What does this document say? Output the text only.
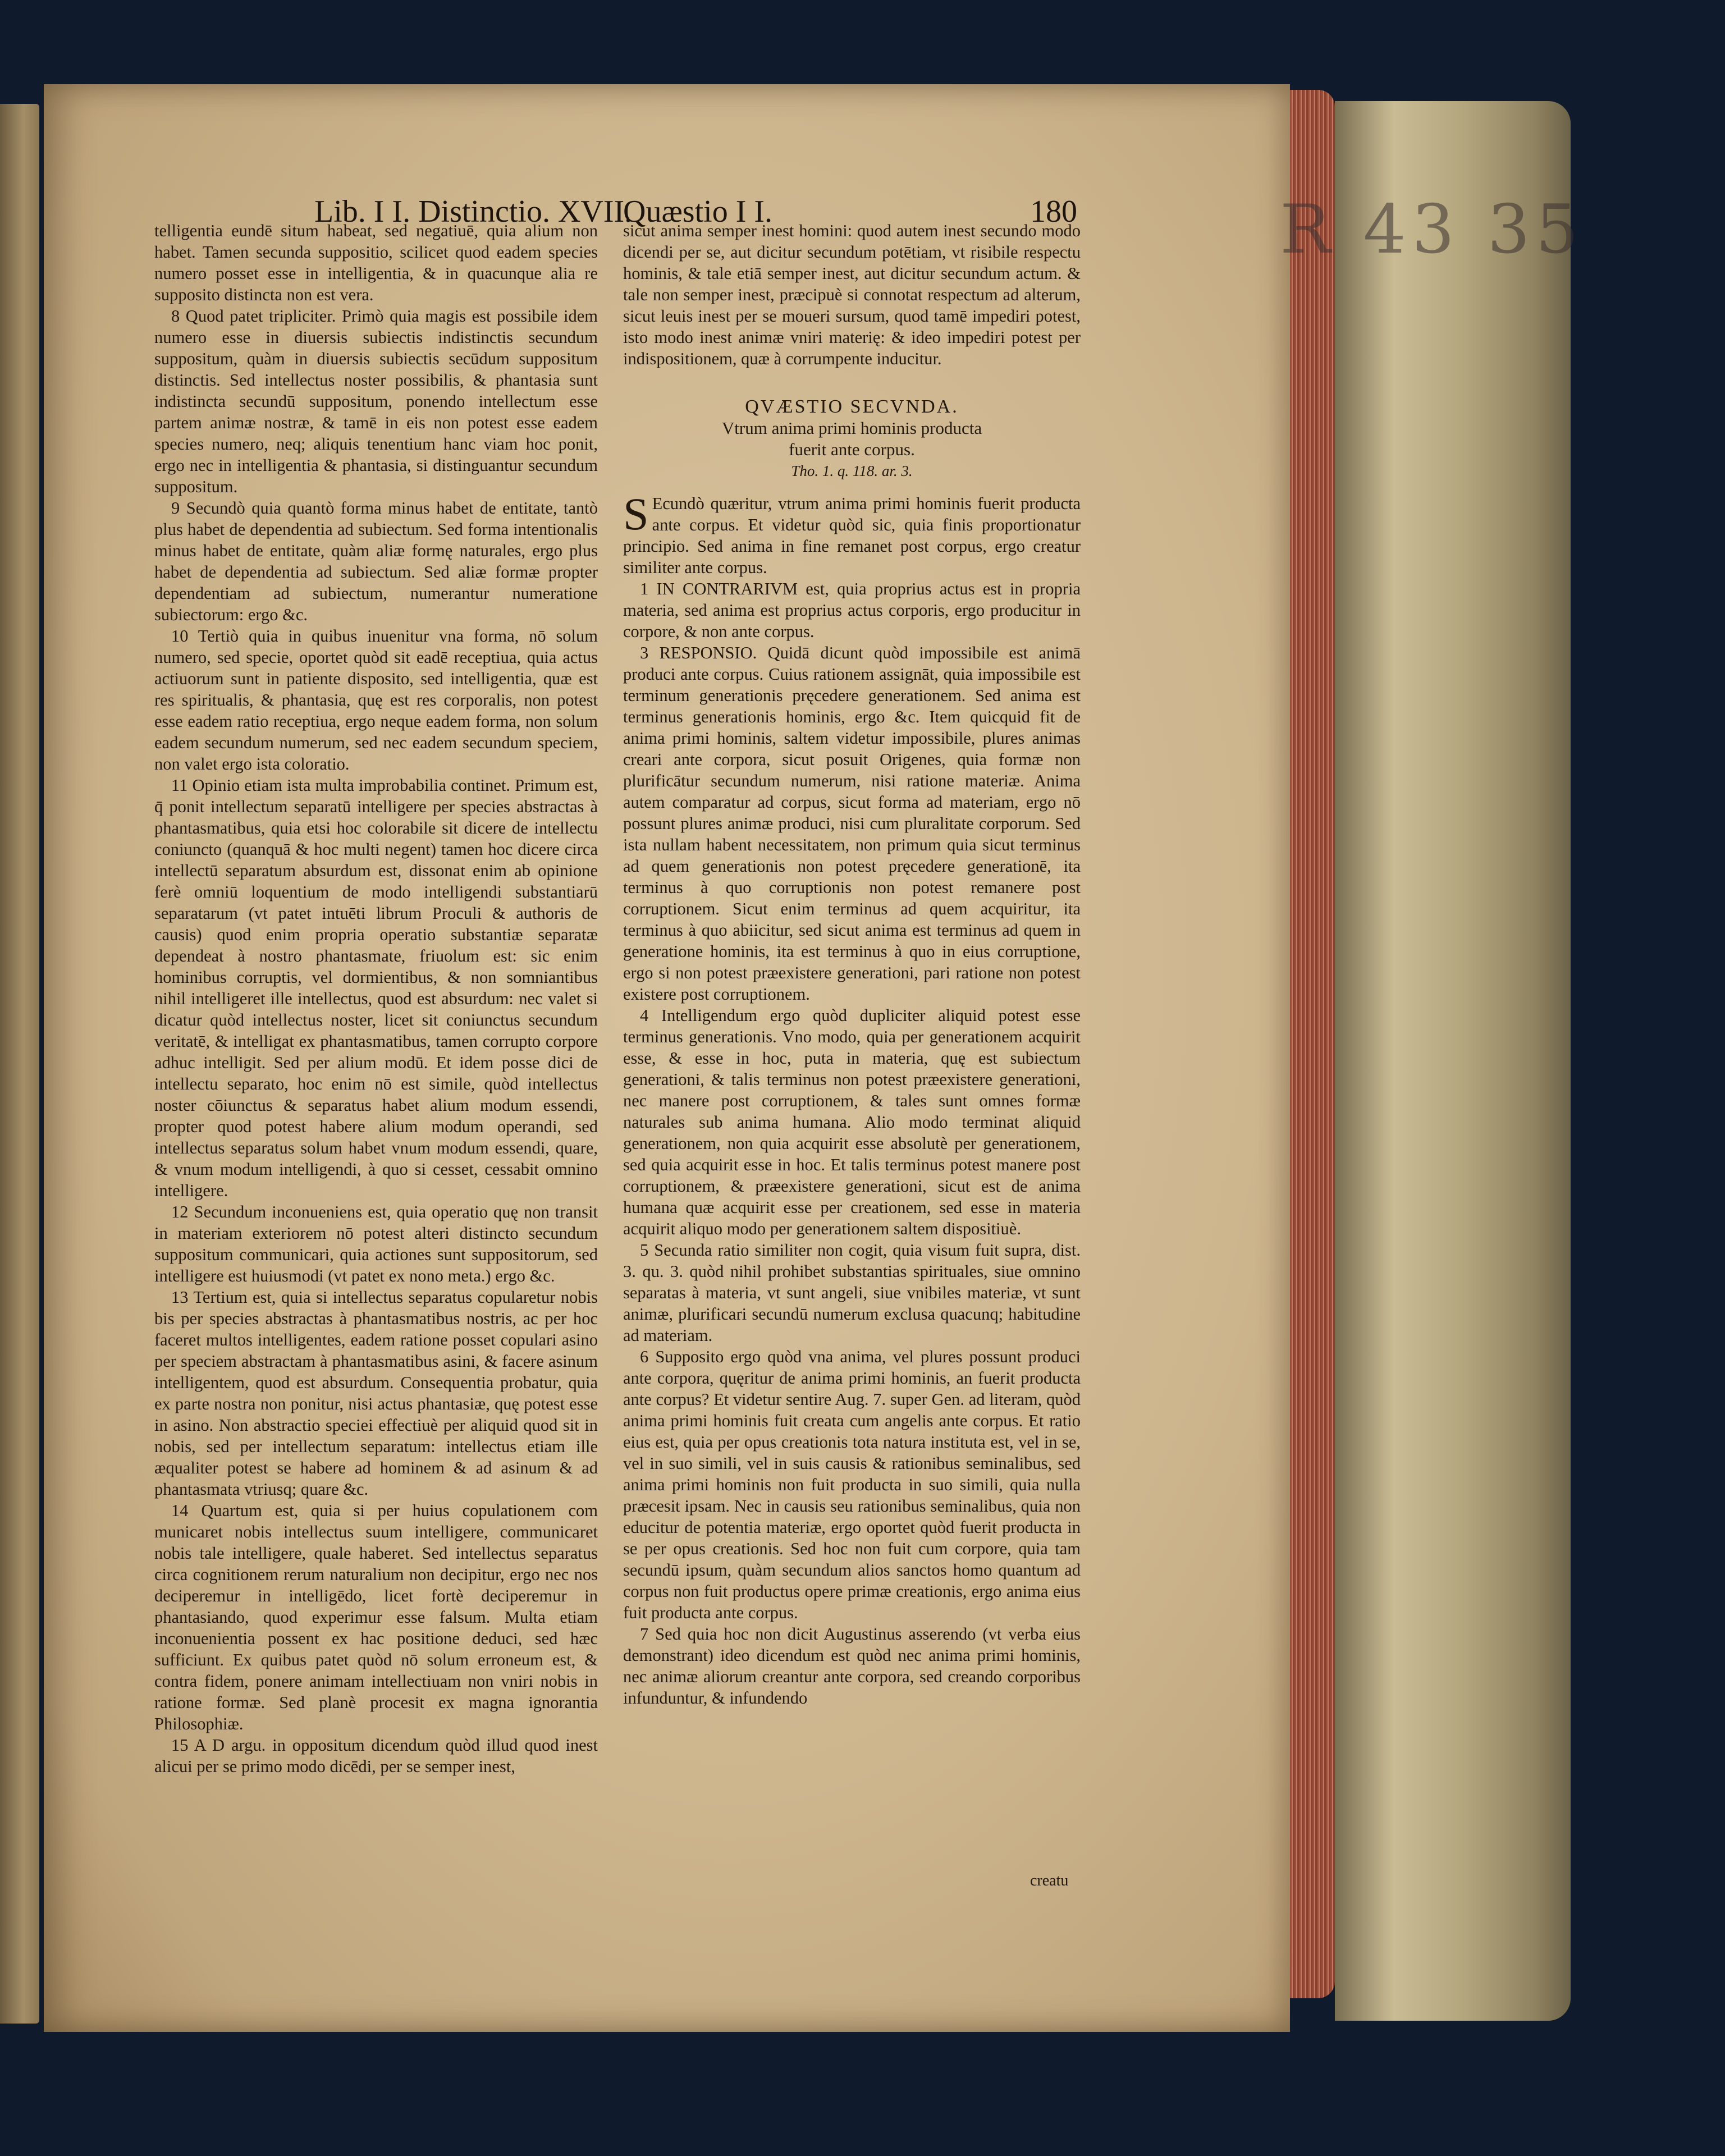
R 43 35
Lib. I I. Distinctio. XVII.
Quæstio I I.	180

telligentia eundē situm habeat, sed negatiuē, quia alium non habet. Tamen secunda suppositio, scilicet quod eadem species numero posset esse in intelligentia, & in quacunque alia re supposito distincta non est vera.

8 Quod patet tripliciter. Primò quia magis est possibile idem numero esse in diuersis subiectis indistinctis secundum suppositum, quàm in diuersis subiectis secūdum suppositum distinctis. Sed intellectus noster possibilis, & phantasia sunt indistincta secundū suppositum, ponendo intellectum esse partem animæ nostræ, & tamē in eis non potest esse eadem species numero, neq; aliquis tenentium hanc viam hoc ponit, ergo nec in intelligentia & phantasia, si distinguantur secundum suppositum.

9 Secundò quia quantò forma minus habet de entitate, tantò plus habet de dependentia ad subiectum. Sed forma intentionalis minus habet de entitate, quàm aliæ formę naturales, ergo plus habet de dependentia ad subiectum. Sed aliæ formæ propter dependentiam ad subiectum, numerantur numeratione subiectorum: ergo &c.

10 Tertiò quia in quibus inuenitur vna forma, nō solum numero, sed specie, oportet quòd sit eadē receptiua, quia actus actiuorum sunt in patiente disposito, sed intelligentia, quæ est res spiritualis, & phantasia, quę est res corporalis, non potest esse eadem ratio receptiua, ergo neque eadem forma, non solum eadem secundum numerum, sed nec eadem secundum speciem, non valet ergo ista coloratio.

11 Opinio etiam ista multa improbabilia continet. Primum est, q̄ ponit intellectum separatū intelligere per species abstractas à phantasmatibus, quia etsi hoc colorabile sit dicere de intellectu coniuncto (quanquā & hoc multi negent) tamen hoc dicere circa intellectū separatum absurdum est, dissonat enim ab opinione ferè omniū loquentium de modo intelligendi substantiarū separatarum (vt patet intuēti librum Proculi & authoris de causis) quod enim propria operatio substantiæ separatæ dependeat à nostro phantasmate, friuolum est: sic enim hominibus corruptis, vel dormientibus, & non somniantibus nihil intelligeret ille intellectus, quod est absurdum: nec valet si dicatur quòd intellectus noster, licet sit coniunctus secundum veritatē, & intelligat ex phantasmatibus, tamen corrupto corpore adhuc intelligit. Sed per alium modū. Et idem posse dici de intellectu separato, hoc enim nō est simile, quòd intellectus noster cōiunctus & separatus habet alium modum essendi, propter quod potest habere alium modum operandi, sed intellectus separatus solum habet vnum modum essendi, quare, & vnum modum intelligendi, à quo si cesset, cessabit omnino intelligere.

12 Secundum inconueniens est, quia operatio quę non transit in materiam exteriorem nō potest alteri distincto secundum suppositum communicari, quia actiones sunt suppositorum, sed intelligere est huiusmodi (vt patet ex nono meta.) ergo &c.

13 Tertium est, quia si intellectus separatus copularetur nobis bis per species abstractas à phantasmatibus nostris, ac per hoc faceret multos intelligentes, eadem ratione posset copulari asino per speciem abstractam à phantasmatibus asini, & facere asinum intelligentem, quod est absurdum. Consequentia probatur, quia ex parte nostra non ponitur, nisi actus phantasiæ, quę potest esse in asino. Non abstractio speciei effectiuè per aliquid quod sit in nobis, sed per intellectum separatum: intellectus etiam ille æqualiter potest se habere ad hominem & ad asinum & ad phantasmata vtriusq; quare &c.

14 Quartum est, quia si per huius copulationem com municaret nobis intellectus suum intelligere, communicaret nobis tale intelligere, quale haberet. Sed intellectus separatus circa cognitionem rerum naturalium non decipitur, ergo nec nos deciperemur in intelligēdo, licet fortè deciperemur in phantasiando, quod experimur esse falsum. Multa etiam inconuenientia possent ex hac positione deduci, sed hæc sufficiunt. Ex quibus patet quòd nō solum erroneum est, & contra fidem, ponere animam intellectiuam non vniri nobis in ratione formæ. Sed planè procesit ex magna ignorantia Philosophiæ.

15 A D argu. in oppositum dicendum quòd illud quod inest alicui per se primo modo dicēdi, per se semper inest,

sicut anima semper inest homini: quod autem inest secundo modo dicendi per se, aut dicitur secundum potētiam, vt risibile respectu hominis, & tale etiā semper inest, aut dicitur secundum actum. & tale non semper inest, præcipuè si connotat respectum ad alterum, sicut leuis inest per se moueri sursum, quod tamē impediri potest, isto modo inest animæ vniri materię: & ideo impediri potest per indispositionem, quæ à corrumpente inducitur.

QVÆSTIO SECVNDA.

Vtrum anima primi hominis producta

fuerit ante corpus.

Tho. 1. q. 118. ar. 3.

S Ecundò quæritur, vtrum anima primi hominis fuerit producta ante corpus. Et videtur quòd sic, quia finis proportionatur principio. Sed anima in fine remanet post corpus, ergo creatur similiter ante corpus.

1 IN CONTRARIVM est, quia proprius actus est in propria materia, sed anima est proprius actus corporis, ergo producitur in corpore, & non ante corpus.

3 RESPONSIO. Quidā dicunt quòd impossibile est animā produci ante corpus. Cuius rationem assignāt, quia impossibile est terminum generationis pręcedere generationem. Sed anima est terminus generationis hominis, ergo &c. Item quicquid fit de anima primi hominis, saltem videtur impossibile, plures animas creari ante corpora, sicut posuit Origenes, quia formæ non plurificātur secundum numerum, nisi ratione materiæ. Anima autem comparatur ad corpus, sicut forma ad materiam, ergo nō possunt plures animæ produci, nisi cum pluralitate corporum. Sed ista nullam habent necessitatem, non primum quia sicut terminus ad quem generationis non potest pręcedere generationē, ita terminus à quo corruptionis non potest remanere post corruptionem. Sicut enim terminus ad quem acquiritur, ita terminus à quo abiicitur, sed sicut anima est terminus ad quem in generatione hominis, ita est terminus à quo in eius corruptione, ergo si non potest præexistere generationi, pari ratione non potest existere post corruptionem.

4 Intelligendum ergo quòd dupliciter aliquid potest esse terminus generationis. Vno modo, quia per generationem acquirit esse, & esse in hoc, puta in materia, quę est subiectum generationi, & talis terminus non potest præexistere generationi, nec manere post corruptionem, & tales sunt omnes formæ naturales sub anima humana. Alio modo terminat aliquid generationem, non quia acquirit esse absolutè per generationem, sed quia acquirit esse in hoc. Et talis terminus potest manere post corruptionem, & præexistere generationi, sicut est de anima humana quæ acquirit esse per creationem, sed esse in materia acquirit aliquo modo per generationem saltem dispositiuè.

5 Secunda ratio similiter non cogit, quia visum fuit supra, dist. 3. qu. 3. quòd nihil prohibet substantias spirituales, siue omnino separatas à materia, vt sunt angeli, siue vnibiles materiæ, vt sunt animæ, plurificari secundū numerum exclusa quacunq; habitudine ad materiam.

6 Supposito ergo quòd vna anima, vel plures possunt produci ante corpora, quęritur de anima primi hominis, an fuerit producta ante corpus? Et videtur sentire Aug. 7. super Gen. ad literam, quòd anima primi hominis fuit creata cum angelis ante corpus. Et ratio eius est, quia per opus creationis tota natura instituta est, vel in se, vel in suo simili, vel in suis causis & rationibus seminalibus, sed anima primi hominis non fuit producta in suo simili, quia nulla præcesit ipsam. Nec in causis seu rationibus seminalibus, quia non educitur de potentia materiæ, ergo oportet quòd fuerit producta in se per opus creationis. Sed hoc non fuit cum corpore, quia tam secundū ipsum, quàm secundum alios sanctos homo quantum ad corpus non fuit productus opere primæ creationis, ergo anima eius fuit producta ante corpus.

7 Sed quia hoc non dicit Augustinus asserendo (vt verba eius demonstrant) ideo dicendum est quòd nec anima primi hominis, nec animæ aliorum creantur ante corpora, sed creando corporibus infunduntur, & infundendo

creatu
